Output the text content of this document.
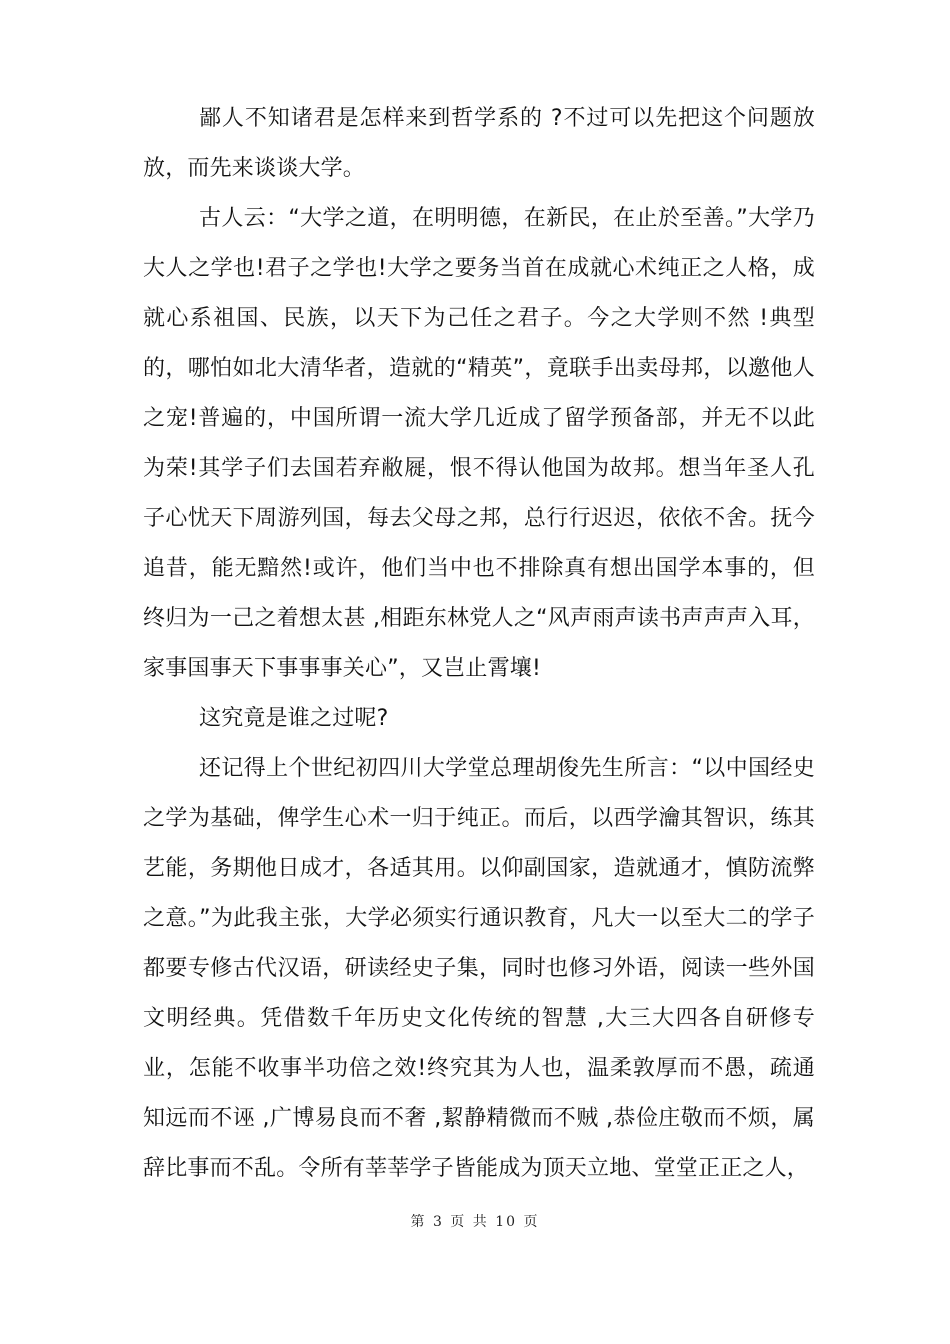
鄙人不知诸君是怎样来到哲学系的 ?不过可以先把这个问题放放，而先来谈谈大学。

古人云：“大学之道，在明明德，在新民，在止於至善。”大学乃大人之学也!君子之学也!大学之要务当首在成就心术纯正之人格，成就心系祖国、民族，以天下为己任之君子。今之大学则不然 !典型的，哪怕如北大清华者，造就的“精英”，竟联手出卖母邦，以邀他人之宠!普遍的，中国所谓一流大学几近成了留学预备部，并无不以此为荣!其学子们去国若弃敝屣，恨不得认他国为故邦。想当年圣人孔子心忧天下周游列国，每去父母之邦，总行行迟迟，依依不舍。抚今追昔，能无黯然!或许，他们当中也不排除真有想出国学本事的，但终归为一己之着想太甚 ,相距东林党人之“风声雨声读书声声声入耳，家事国事天下事事事关心”，又岂止霄壤!

这究竟是谁之过呢?

还记得上个世纪初四川大学堂总理胡俊先生所言：“以中国经史之学为基础，俾学生心术一归于纯正。而后，以西学瀹其智识，练其艺能，务期他日成才，各适其用。以仰副国家，造就通才，慎防流弊之意。”为此我主张，大学必须实行通识教育，凡大一以至大二的学子都要专修古代汉语，研读经史子集，同时也修习外语，阅读一些外国文明经典。凭借数千年历史文化传统的智慧 ,大三大四各自研修专业，怎能不收事半功倍之效!终究其为人也，温柔敦厚而不愚，疏通知远而不诬 ,广博易良而不奢 ,絜静精微而不贼 ,恭俭庄敬而不烦，属辞比事而不乱。令所有莘莘学子皆能成为顶天立地、堂堂正正之人，

第 3 页 共 10 页
